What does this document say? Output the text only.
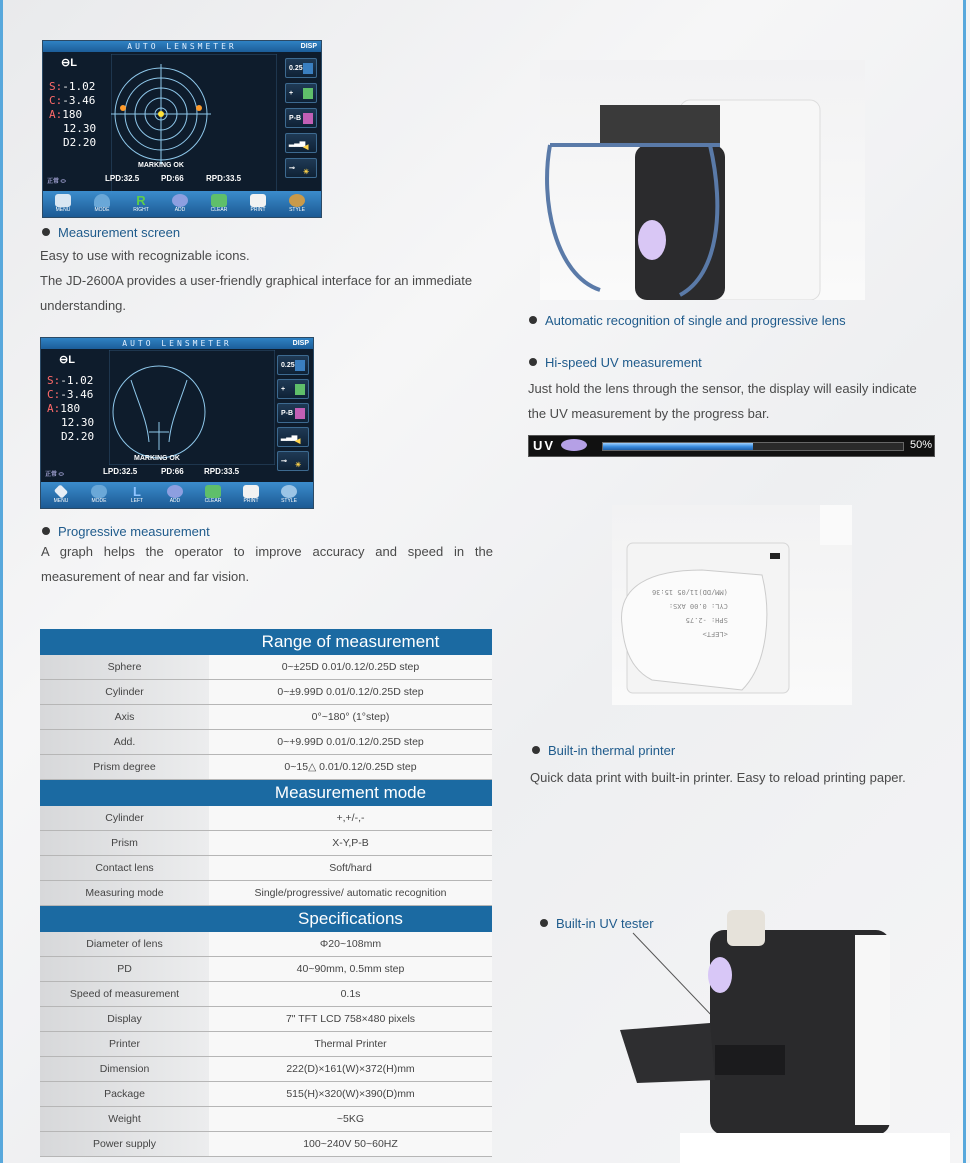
AUTO LENSMETER	DISP
⊖L
S:-1.02
C:-3.46
A:180
12.30
D2.20
MARKING OK
0.25
+
P-B
▂▃▅
◀
⊸
☀
正常 ⬭	LPD:32.5	PD:66	RPD:33.5
MENU	MODE
R
RIGHT	ADD	CLEAR	PRINT	STYLE
Measurement screen
Easy to use with recognizable icons.
The JD-2600A provides a user-friendly graphical interface for an immediate
understanding.
AUTO LENSMETER	DISP
⊖L
S:-1.02
C:-3.46
A:180
12.30
D2.20
MARKING OK
0.25
+
P-B
▂▃▅
◀
⊸
☀
正常 ⬭	LPD:32.5	PD:66	RPD:33.5
MENU	MODE
L
LEFT	ADD	CLEAR	PRINT	STYLE
Progressive measurement
A graph helps the operator to improve accuracy and speed in the
measurement of near and far vision.
	Range of measurement
Sphere	0~±25D 0.01/0.12/0.25D step
Cylinder	0~±9.99D 0.01/0.12/0.25D step
Axis	0°~180° (1°step)
Add.	0~+9.99D 0.01/0.12/0.25D step
Prism degree	0~15△ 0.01/0.12/0.25D step
	Measurement mode
Cylinder	+,+/-,-
Prism	X-Y,P-B
Contact lens	Soft/hard
Measuring mode	Single/progressive/ automatic recognition
	Specifications
Diameter of lens	Φ20~108mm
PD	40~90mm, 0.5mm step
Speed of measurement	0.1s
Display	7" TFT LCD 758×480 pixels
Printer	Thermal Printer
Dimension	222(D)×161(W)×372(H)mm
Package	515(H)×320(W)×390(D)mm
Weight	~5KG
Power supply	100~240V 50~60HZ
Automatic recognition of single and progressive lens
Hi-speed UV measurement
Just hold the lens through the sensor, the display will easily indicate
the UV measurement by the progress bar.
UV	50%
<LEFT>
SPH: -2.75
CYL: 0.00 AXS:
(MM/DD)11/05 15:36
Built-in thermal printer
Quick data print with built-in printer. Easy to reload printing paper.
Built-in UV tester
